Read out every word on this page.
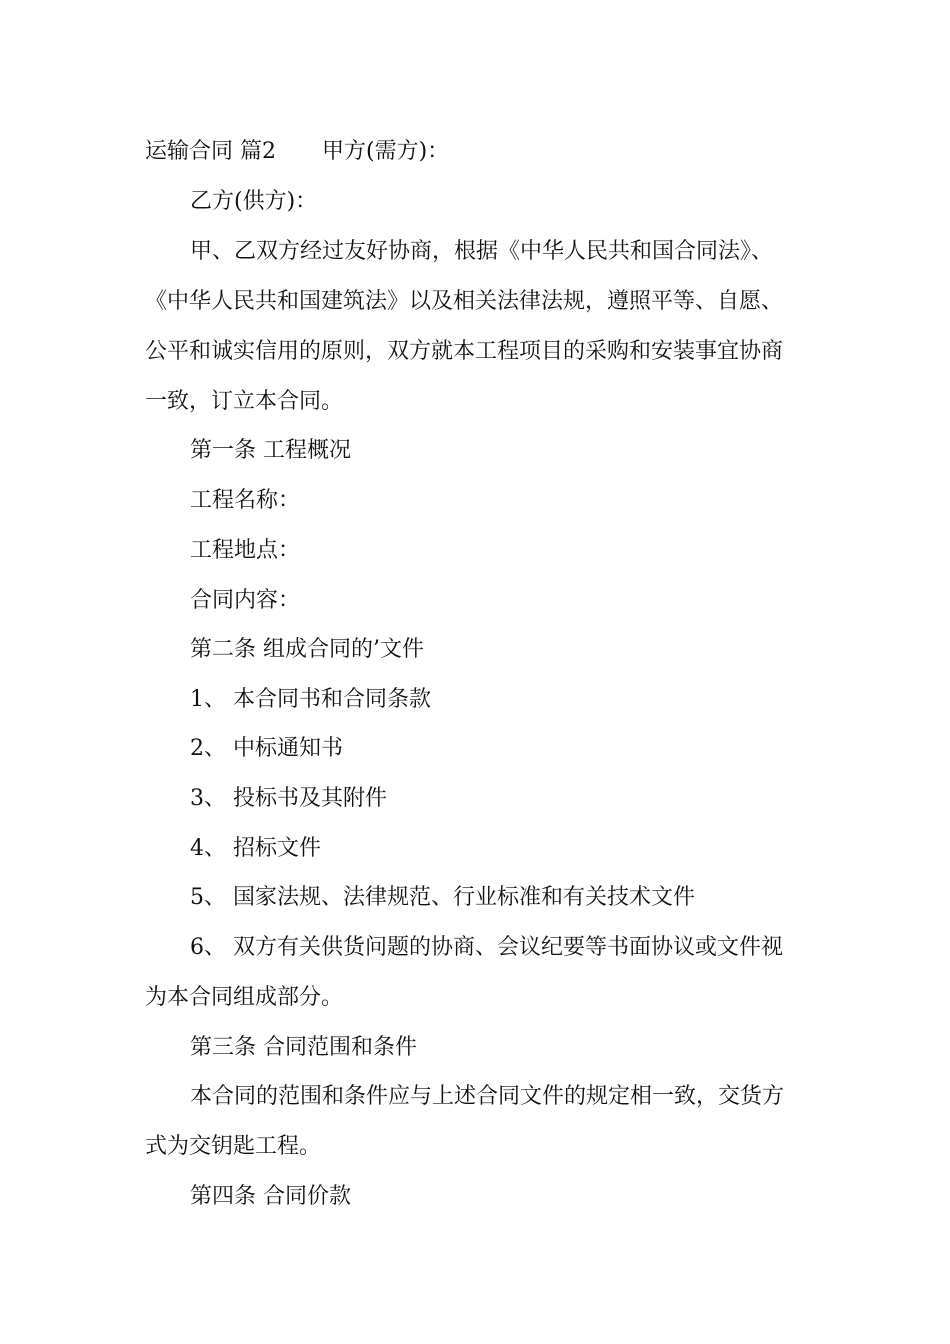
运输合同 篇2 甲方(需方)：
乙方(供方)：
甲、乙双方经过友好协商，根据《中华人民共和国合同法》、
《中华人民共和国建筑法》以及相关法律法规，遵照平等、自愿、
公平和诚实信用的原则，双方就本工程项目的采购和安装事宜协商
一致，订立本合同。
第一条 工程概况
工程名称：
工程地点：
合同内容：
第二条 组成合同的’文件
1、 本合同书和合同条款
2、 中标通知书
3、 投标书及其附件
4、 招标文件
5、 国家法规、法律规范、行业标准和有关技术文件
6、 双方有关供货问题的协商、会议纪要等书面协议或文件视
为本合同组成部分。
第三条 合同范围和条件
本合同的范围和条件应与上述合同文件的规定相一致，交货方
式为交钥匙工程。
第四条 合同价款
